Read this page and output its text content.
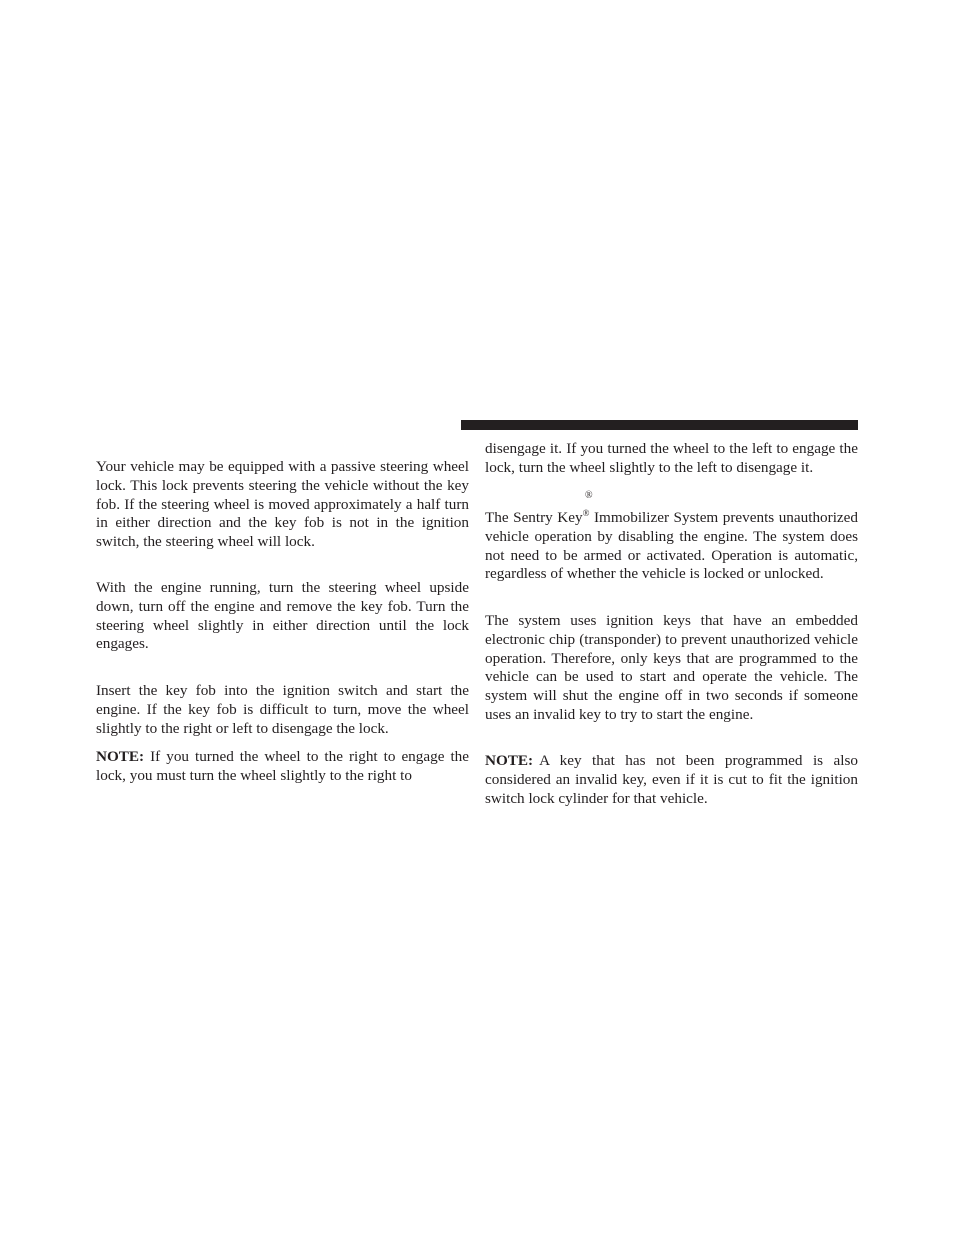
Your vehicle may be equipped with a passive steering wheel lock. This lock prevents steering the vehicle without the key fob. If the steering wheel is moved approximately a half turn in either direction and the key fob is not in the ignition switch, the steering wheel will lock.

With the engine running, turn the steering wheel upside down, turn off the engine and remove the key fob. Turn the steering wheel slightly in either direction until the lock engages.

Insert the key fob into the ignition switch and start the engine. If the key fob is difficult to turn, move the wheel slightly to the right or left to disengage the lock.

NOTE: If you turned the wheel to the right to engage the lock, you must turn the wheel slightly to the right to

disengage it. If you turned the wheel to the left to engage the lock, turn the wheel slightly to the left to disengage it.

®

The Sentry Key® Immobilizer System prevents unauthorized vehicle operation by disabling the engine. The system does not need to be armed or activated. Operation is automatic, regardless of whether the vehicle is locked or unlocked.

The system uses ignition keys that have an embedded electronic chip (transponder) to prevent unauthorized vehicle operation. Therefore, only keys that are programmed to the vehicle can be used to start and operate the vehicle. The system will shut the engine off in two seconds if someone uses an invalid key to try to start the engine.

NOTE: A key that has not been programmed is also considered an invalid key, even if it is cut to fit the ignition switch lock cylinder for that vehicle.
